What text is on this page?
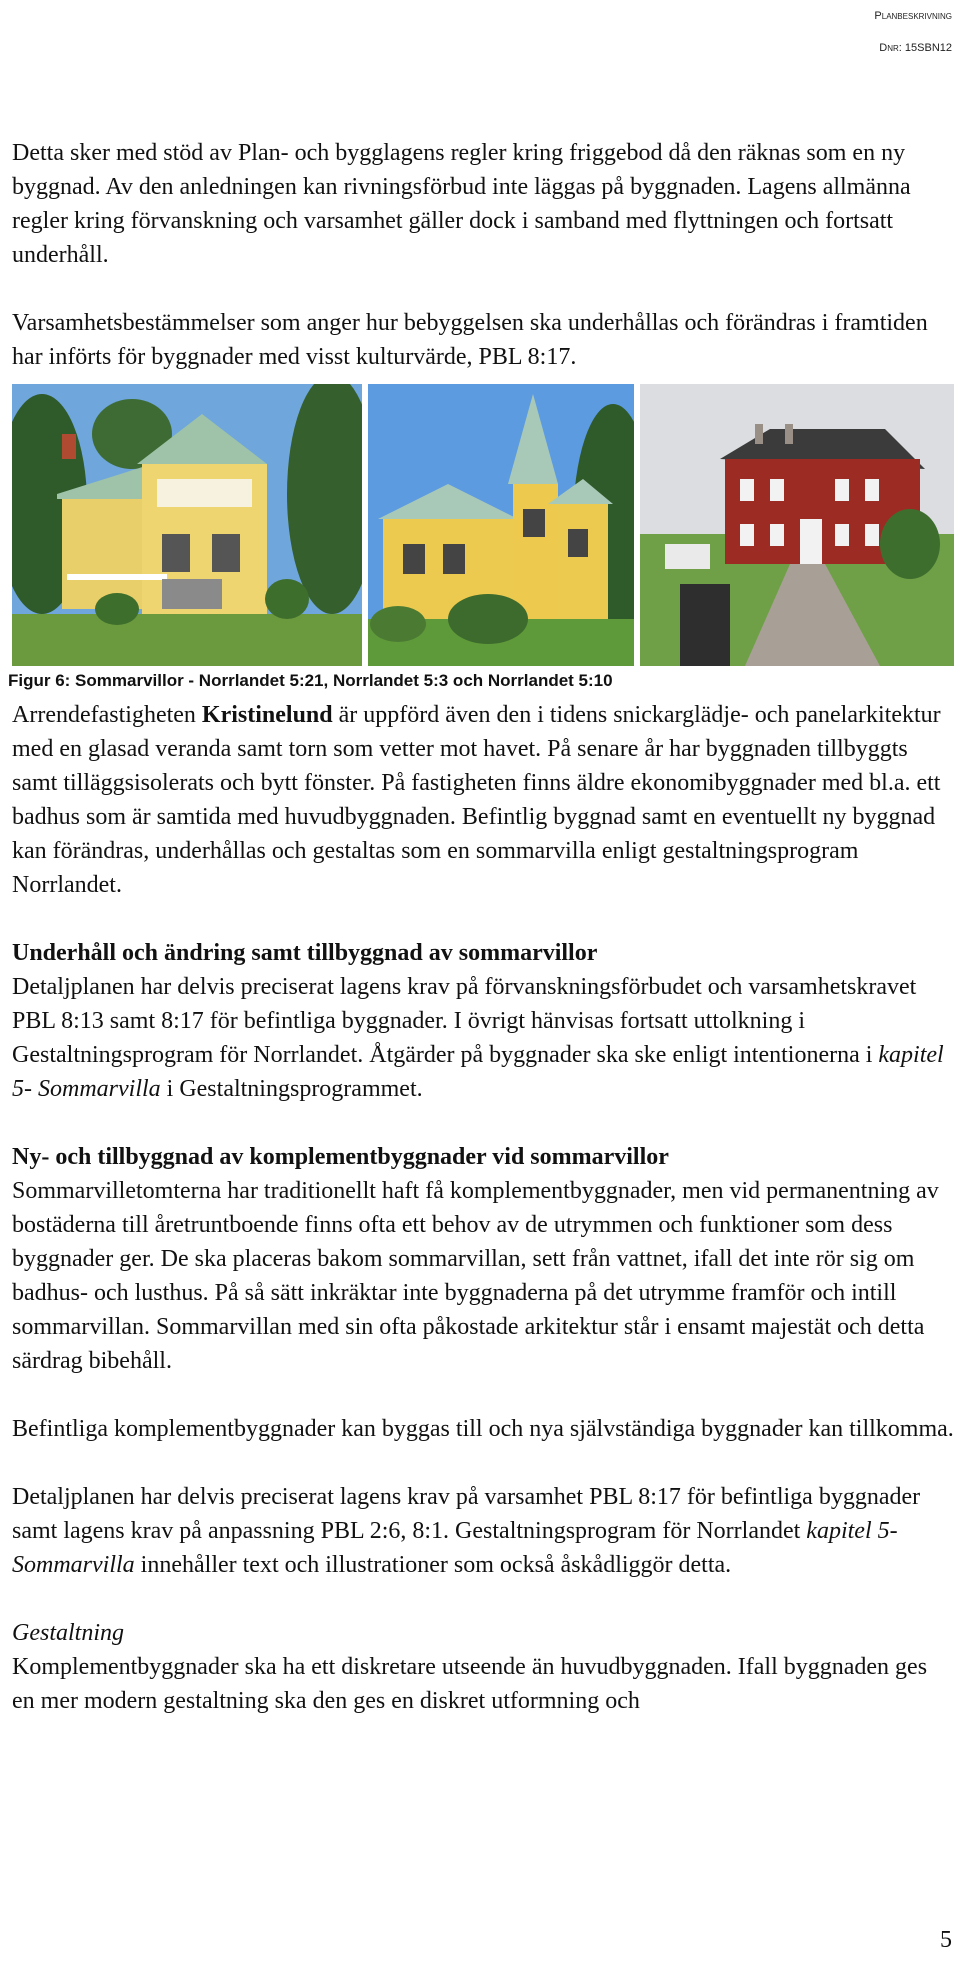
Planbeskrivning
Dnr: 15SBN12

Detta sker med stöd av Plan- och bygglagens regler kring friggebod då den räknas som en ny byggnad. Av den anledningen kan rivningsförbud inte läggas på byggnaden. Lagens allmänna regler kring förvanskning och varsamhet gäller dock i samband med flyttningen och fortsatt underhåll.

Varsamhetsbestämmelser som anger hur bebyggelsen ska underhållas och förändras i framtiden har införts för byggnader med visst kulturvärde, PBL 8:17.

Figur 6: Sommarvillor - Norrlandet 5:21, Norrlandet 5:3 och Norrlandet 5:10

Arrendefastigheten Kristinelund är uppförd även den i tidens snickarglädje- och panelarkitektur med en glasad veranda samt torn som vetter mot havet. På senare år har byggnaden tillbyggts samt tilläggsisolerats och bytt fönster. På fastigheten finns äldre ekonomibyggnader med bl.a. ett badhus som är samtida med huvudbyggnaden. Befintlig byggnad samt en eventuellt ny byggnad kan förändras, underhållas och gestaltas som en sommarvilla enligt gestaltningsprogram Norrlandet.

Underhåll och ändring samt tillbyggnad av sommarvillor

Detaljplanen har delvis preciserat lagens krav på förvanskningsförbudet och varsamhetskravet PBL 8:13 samt 8:17 för befintliga byggnader. I övrigt hänvisas fortsatt uttolkning i Gestaltningsprogram för Norrlandet. Åtgärder på byggnader ska ske enligt intentionerna i kapitel 5- Sommarvilla i Gestaltningsprogrammet.

Ny- och tillbyggnad av komplementbyggnader vid sommarvillor

Sommarvilletomterna har traditionellt haft få komplementbyggnader, men vid permanentning av bostäderna till åretruntboende finns ofta ett behov av de utrymmen och funktioner som dess byggnader ger. De ska placeras bakom sommarvillan, sett från vattnet, ifall det inte rör sig om badhus- och lusthus. På så sätt inkräktar inte byggnaderna på det utrymme framför och intill sommarvillan. Sommarvillan med sin ofta påkostade arkitektur står i ensamt majestät och detta särdrag bibehåll.

Befintliga komplementbyggnader kan byggas till och nya självständiga byggnader kan tillkomma.

Detaljplanen har delvis preciserat lagens krav på varsamhet PBL 8:17 för befintliga byggnader samt lagens krav på anpassning PBL 2:6, 8:1. Gestaltningsprogram för Norrlandet kapitel 5- Sommarvilla innehåller text och illustrationer som också åskådliggör detta.

Gestaltning

Komplementbyggnader ska ha ett diskretare utseende än huvudbyggnaden. Ifall byggnaden ges en mer modern gestaltning ska den ges en diskret utformning och

5
